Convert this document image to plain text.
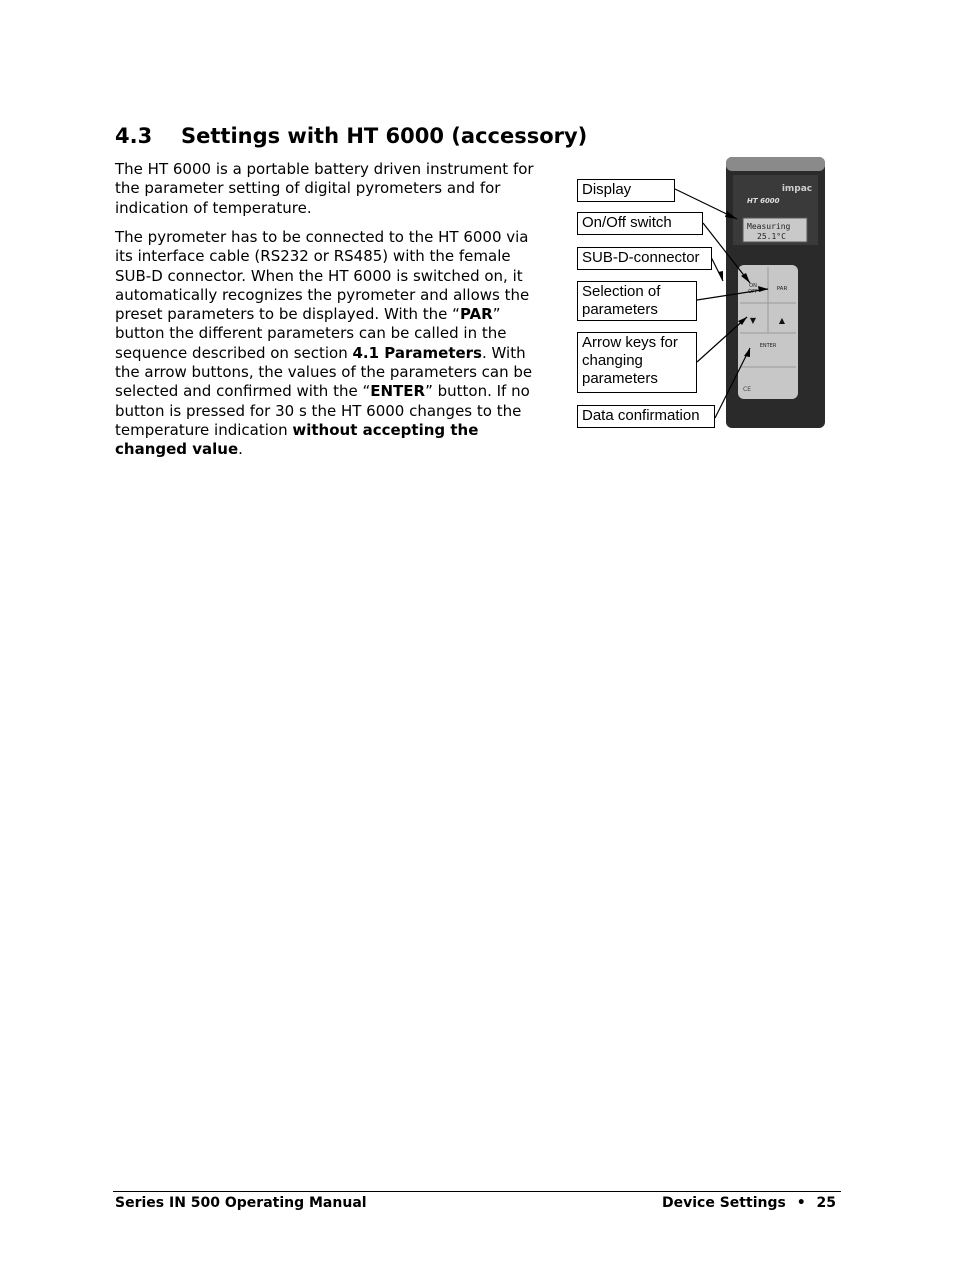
4.3 Settings with HT 6000 (accessory)

The HT 6000 is a portable battery driven instrument for the parameter setting of digital pyrometers and for indication of temperature.

The pyrometer has to be connected to the HT 6000 via its interface cable (RS232 or RS485) with the female SUB-D connector. When the HT 6000 is switched on, it automatically recognizes the pyrometer and allows the preset parameters to be displayed. With the “PAR” button the different parameters can be called in the sequence described on section 4.1 Parameters. With the arrow buttons, the values of the parameters can be selected and confirmed with the “ENTER” button. If no button is pressed for 30 s the HT 6000 changes to the temperature indication without accepting the changed value.

impac
HT 6000
Measuring
25.1°C
ON
OFF	PAR
▼	▲
ENTER
CE
Display
On/Off switch
SUB-D-connector
Selection of parameters
Arrow keys for changing parameters
Data confirmation
Series IN 500 Operating Manual	Device Settings • 25
